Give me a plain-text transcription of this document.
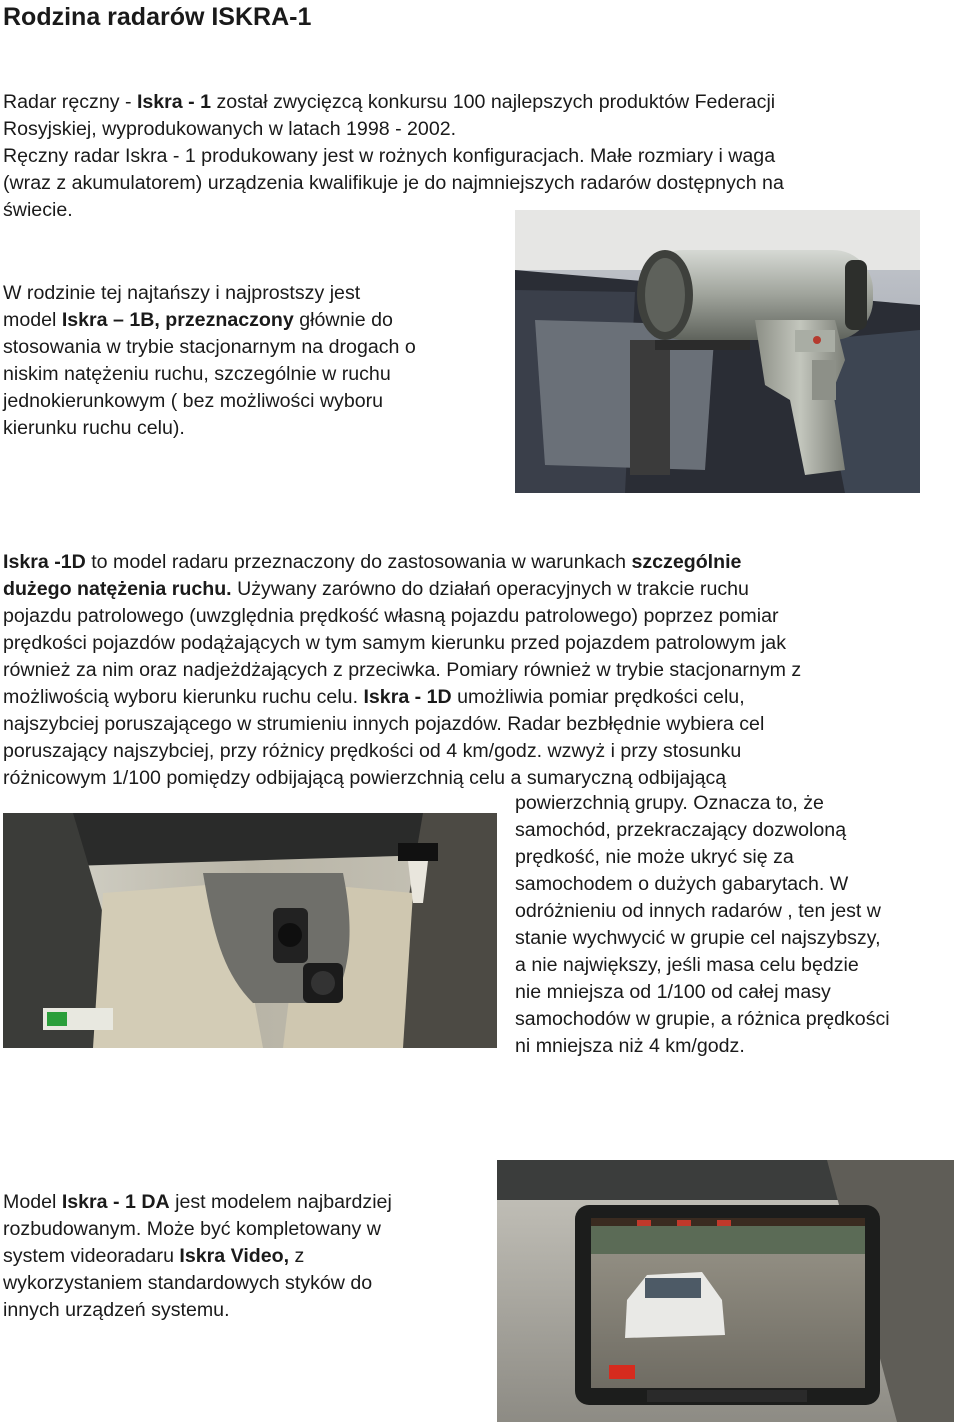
Rodzina radarów ISKRA-1
Radar ręczny - Iskra - 1 został zwycięzcą konkursu 100 najlepszych produktów Federacji
Rosyjskiej, wyprodukowanych w latach 1998 - 2002.
Ręczny radar Iskra - 1 produkowany jest w rożnych konfiguracjach. Małe rozmiary i waga
(wraz z akumulatorem) urządzenia kwalifikuje je do najmniejszych radarów dostępnych na
świecie.
W rodzinie tej najtańszy i najprostszy jest
model Iskra – 1B, przeznaczony głównie do
stosowania w trybie stacjonarnym na drogach o
niskim natężeniu ruchu, szczególnie w ruchu
jednokierunkowym ( bez możliwości wyboru
kierunku ruchu celu).
Iskra -1D to model radaru przeznaczony do zastosowania w warunkach szczególnie
dużego natężenia ruchu. Używany zarówno do działań operacyjnych w trakcie ruchu
pojazdu patrolowego (uwzględnia prędkość własną pojazdu patrolowego) poprzez pomiar
prędkości pojazdów podążających w tym samym kierunku przed pojazdem patrolowym jak
również za nim oraz nadjeżdżających z przeciwka. Pomiary również w trybie stacjonarnym z
możliwością wyboru kierunku ruchu celu. Iskra - 1D umożliwia pomiar prędkości celu,
najszybciej poruszającego w strumieniu innych pojazdów. Radar bezbłędnie wybiera cel
poruszający najszybciej, przy różnicy prędkości od 4 km/godz. wzwyż i przy stosunku
różnicowym 1/100 pomiędzy odbijającą powierzchnią celu a sumaryczną odbijającą
powierzchnią grupy. Oznacza to, że
samochód, przekraczający dozwoloną
prędkość, nie może ukryć się za
samochodem o dużych gabarytach. W
odróżnieniu od innych radarów , ten jest w
stanie wychwycić w grupie cel najszybszy,
a nie największy, jeśli masa celu będzie
nie mniejsza od 1/100 od całej masy
samochodów w grupie, a różnica prędkości
ni mniejsza niż 4 km/godz.
Model Iskra - 1 DA jest modelem najbardziej
rozbudowanym. Może być kompletowany w
system videoradaru Iskra Video, z
wykorzystaniem standardowych styków do
innych urządzeń systemu.
